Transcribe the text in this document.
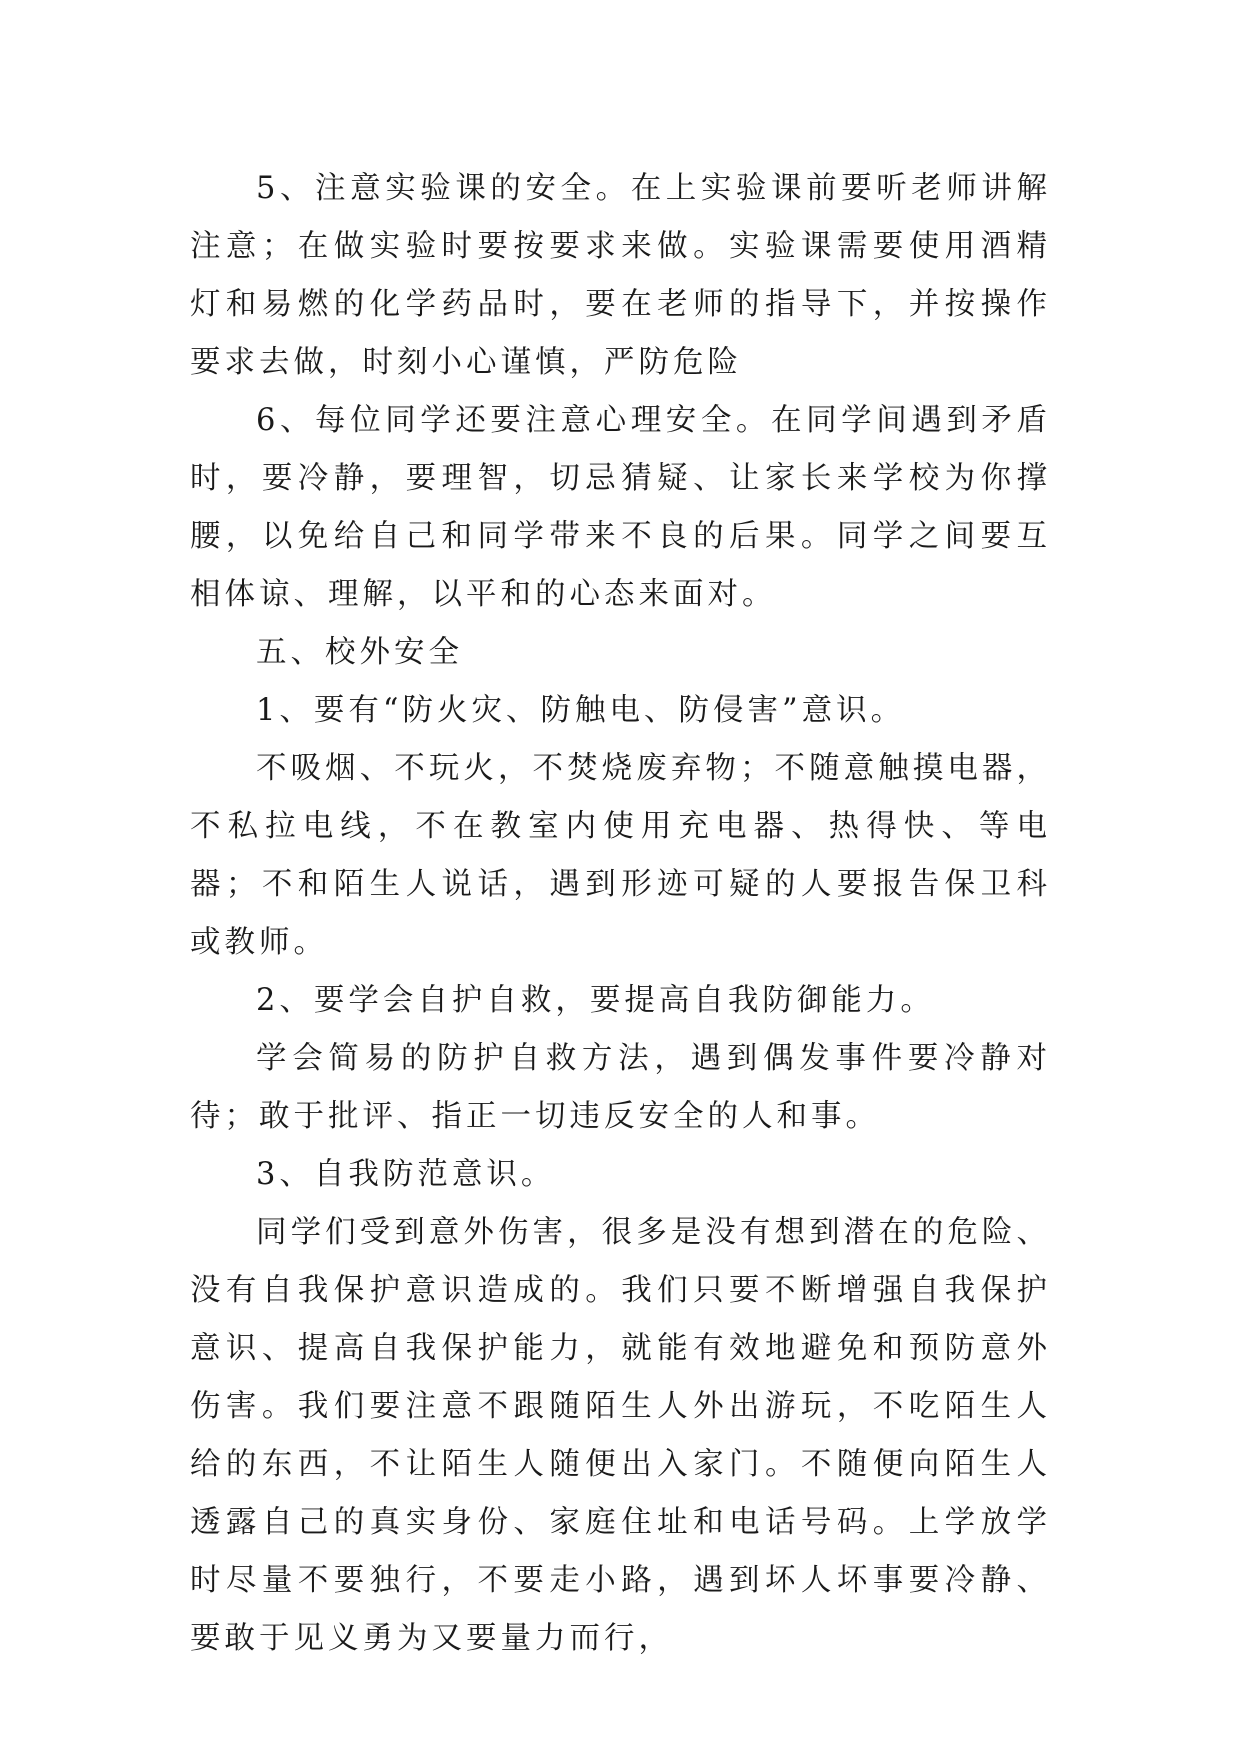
5、注意实验课的安全。在上实验课前要听老师讲解注意；在做实验时要按要求来做。实验课需要使用酒精灯和易燃的化学药品时，要在老师的指导下，并按操作要求去做，时刻小心谨慎，严防危险

6、每位同学还要注意心理安全。在同学间遇到矛盾时，要冷静，要理智，切忌猜疑、让家长来学校为你撑腰，以免给自己和同学带来不良的后果。同学之间要互相体谅、理解，以平和的心态来面对。

五、校外安全

1、要有“防火灾、防触电、防侵害”意识。

不吸烟、不玩火，不焚烧废弃物；不随意触摸电器，不私拉电线，不在教室内使用充电器、热得快、等电器；不和陌生人说话，遇到形迹可疑的人要报告保卫科或教师。

2、要学会自护自救，要提高自我防御能力。

学会简易的防护自救方法，遇到偶发事件要冷静对待；敢于批评、指正一切违反安全的人和事。

3、自我防范意识。

同学们受到意外伤害，很多是没有想到潜在的危险、没有自我保护意识造成的。我们只要不断增强自我保护意识、提高自我保护能力，就能有效地避免和预防意外伤害。我们要注意不跟随陌生人外出游玩，不吃陌生人给的东西，不让陌生人随便出入家门。不随便向陌生人透露自己的真实身份、家庭住址和电话号码。上学放学时尽量不要独行，不要走小路，遇到坏人坏事要冷静、要敢于见义勇为又要量力而行，
